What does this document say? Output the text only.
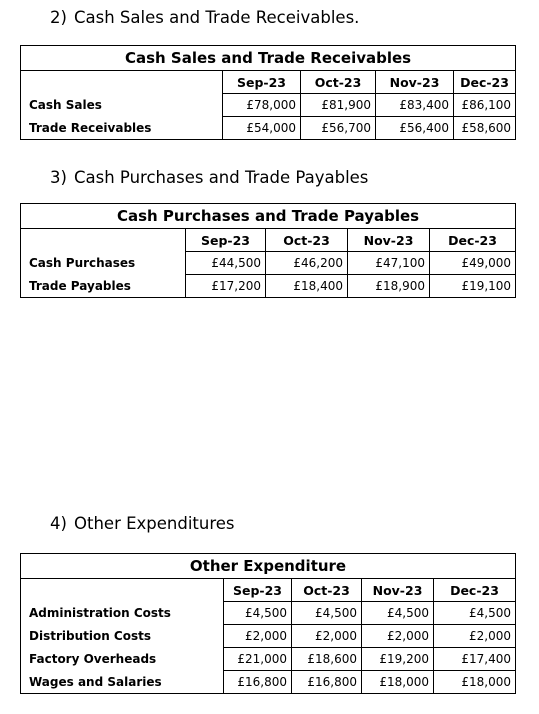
2) Cash Sales and Trade Receivables.
Cash Sales and Trade Receivables				
	Sep-23	Oct-23	Nov-23	Dec-23
Cash Sales	£78,000	£81,900	£83,400	£86,100
Trade Receivables	£54,000	£56,700	£56,400	£58,600
3) Cash Purchases and Trade Payables
Cash Purchases and Trade Payables				
	Sep-23	Oct-23	Nov-23	Dec-23
Cash Purchases	£44,500	£46,200	£47,100	£49,000
Trade Payables	£17,200	£18,400	£18,900	£19,100
4) Other Expenditures
Other Expenditure				
	Sep-23	Oct-23	Nov-23	Dec-23
Administration Costs	£4,500	£4,500	£4,500	£4,500
Distribution Costs	£2,000	£2,000	£2,000	£2,000
Factory Overheads	£21,000	£18,600	£19,200	£17,400
Wages and Salaries	£16,800	£16,800	£18,000	£18,000
